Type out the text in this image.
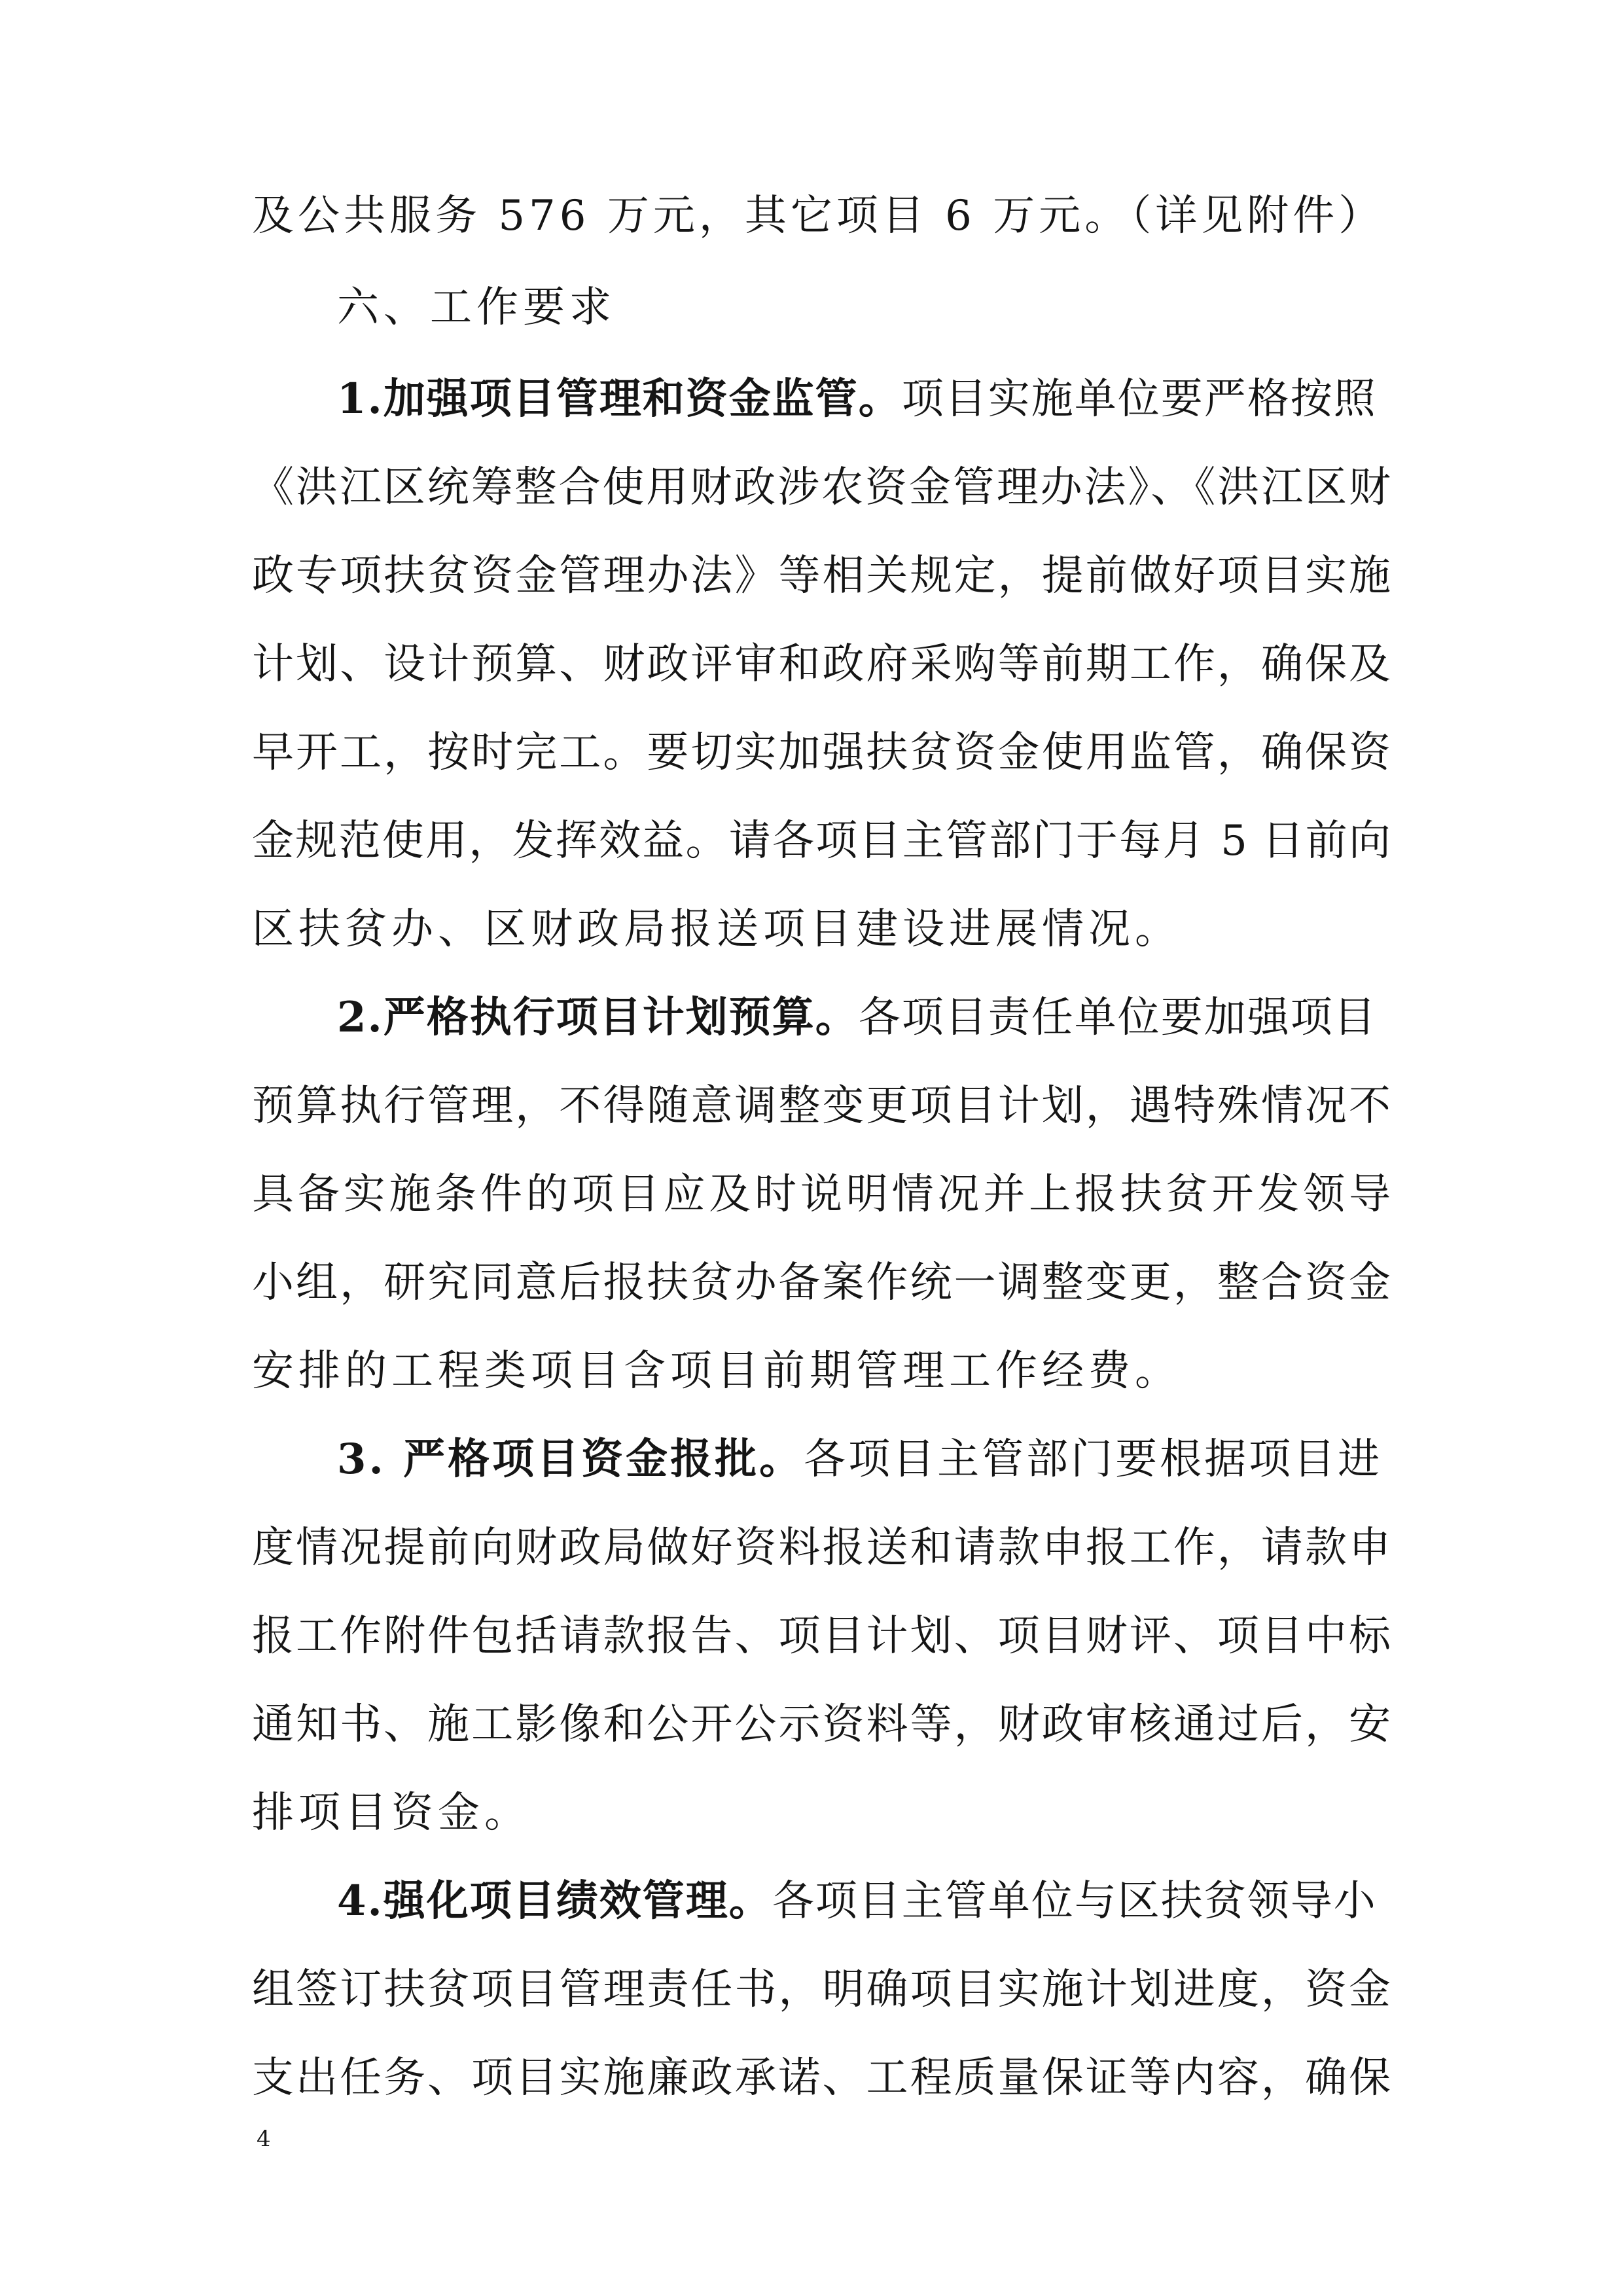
及公共服务 576 万元，其它项目 6 万元。（详见附件）
六、工作要求
1.加强项目管理和资金监管。项目实施单位要严格按照
《洪江区统筹整合使用财政涉农资金管理办法》、《洪江区财
政专项扶贫资金管理办法》等相关规定，提前做好项目实施
计划、设计预算、财政评审和政府采购等前期工作，确保及
早开工，按时完工。要切实加强扶贫资金使用监管，确保资
金规范使用，发挥效益。请各项目主管部门于每月 5 日前向
区扶贫办、区财政局报送项目建设进展情况。
2.严格执行项目计划预算。各项目责任单位要加强项目
预算执行管理，不得随意调整变更项目计划，遇特殊情况不
具备实施条件的项目应及时说明情况并上报扶贫开发领导
小组，研究同意后报扶贫办备案作统一调整变更，整合资金
安排的工程类项目含项目前期管理工作经费。
3. 严格项目资金报批。各项目主管部门要根据项目进
度情况提前向财政局做好资料报送和请款申报工作，请款申
报工作附件包括请款报告、项目计划、项目财评、项目中标
通知书、施工影像和公开公示资料等，财政审核通过后，安
排项目资金。
4.强化项目绩效管理。各项目主管单位与区扶贫领导小
组签订扶贫项目管理责任书，明确项目实施计划进度，资金
支出任务、项目实施廉政承诺、工程质量保证等内容，确保
4
